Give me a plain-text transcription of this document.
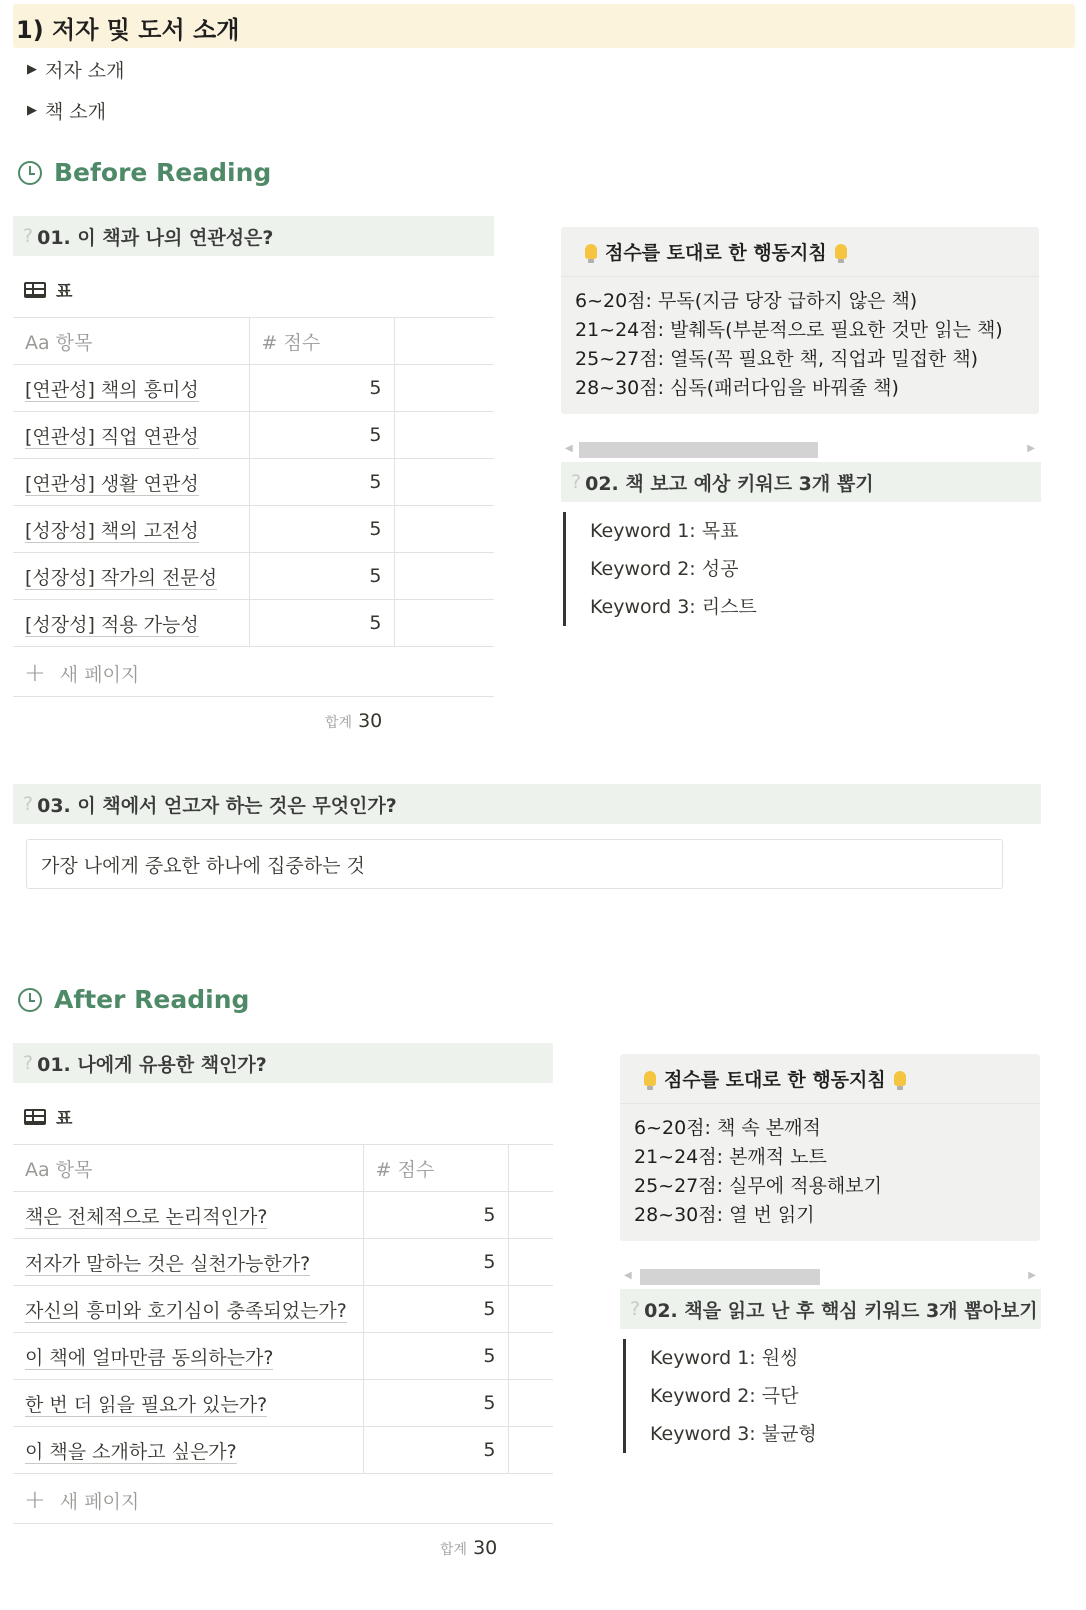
1) 저자 및 도서 소개
▶ 저자 소개
▶ 책 소개
Before Reading
? 01. 이 책과 나의 연관성은?
표
Aa 항목	# 점수	
[연관성] 책의 흥미성	5	
[연관성] 직업 연관성	5	
[연관성] 생활 연관성	5	
[성장성] 책의 고전성	5	
[성장성] 작가의 전문성	5	
[성장성] 적용 가능성	5	
+ 새 페이지
합계 30
점수를 토대로 한 행동지침
6~20점: 무독(지금 당장 급하지 않은 책)
21~24점: 발췌독(부분적으로 필요한 것만 읽는 책)
25~27점: 열독(꼭 필요한 책, 직업과 밀접한 책)
28~30점: 심독(패러다임을 바꿔줄 책)
◀	▶
? 02. 책 보고 예상 키워드 3개 뽑기
Keyword 1: 목표
Keyword 2: 성공
Keyword 3: 리스트
? 03. 이 책에서 얻고자 하는 것은 무엇인가?
가장 나에게 중요한 하나에 집중하는 것
After Reading
? 01. 나에게 유용한 책인가?
표
Aa 항목	# 점수	
책은 전체적으로 논리적인가?	5	
저자가 말하는 것은 실천가능한가?	5	
자신의 흥미와 호기심이 충족되었는가?	5	
이 책에 얼마만큼 동의하는가?	5	
한 번 더 읽을 필요가 있는가?	5	
이 책을 소개하고 싶은가?	5	
+ 새 페이지
합계 30
점수를 토대로 한 행동지침
6~20점: 책 속 본깨적
21~24점: 본깨적 노트
25~27점: 실무에 적용해보기
28~30점: 열 번 읽기
◀	▶
? 02. 책을 읽고 난 후 핵심 키워드 3개 뽑아보기
Keyword 1: 원씽
Keyword 2: 극단
Keyword 3: 불균형
